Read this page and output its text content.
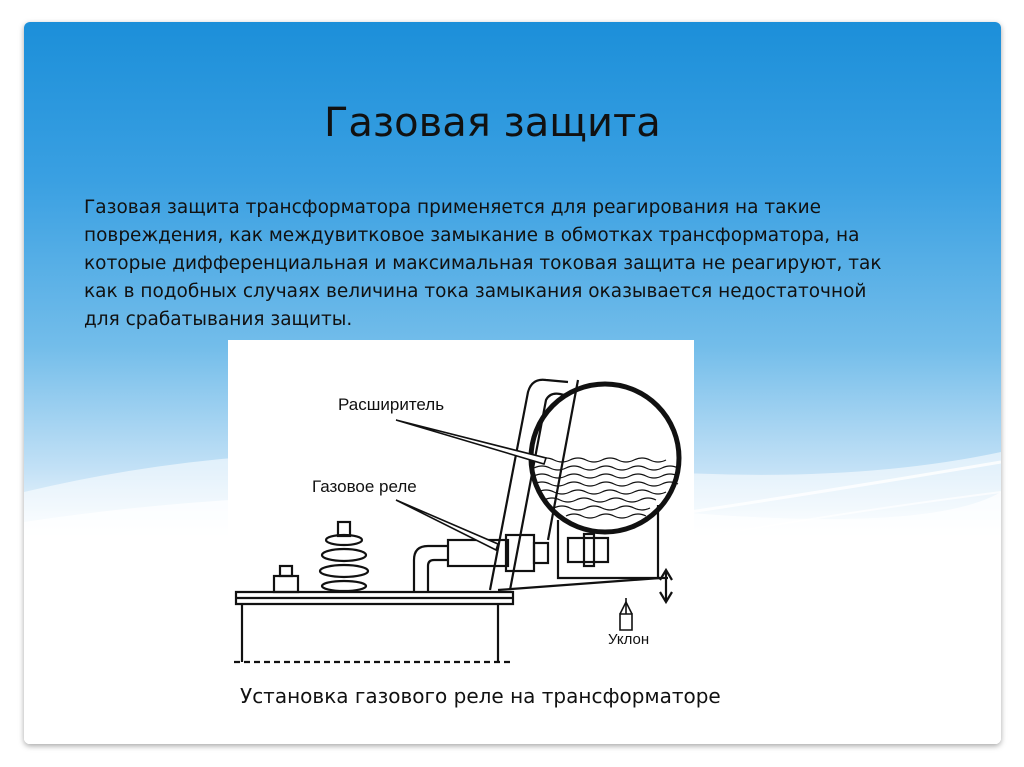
Газовая защита
Газовая защита трансформатора применяется для реагирования на такие повреждения, как междувитковое замыкание в обмотках трансформатора, на которые дифференциальная и максимальная токовая защита не реагируют, так как в подобных случаях величина тока замыкания оказывается недостаточной для срабатывания защиты.
Расширитель
Газовое реле
Уклон
Установка газового реле на трансформаторе
